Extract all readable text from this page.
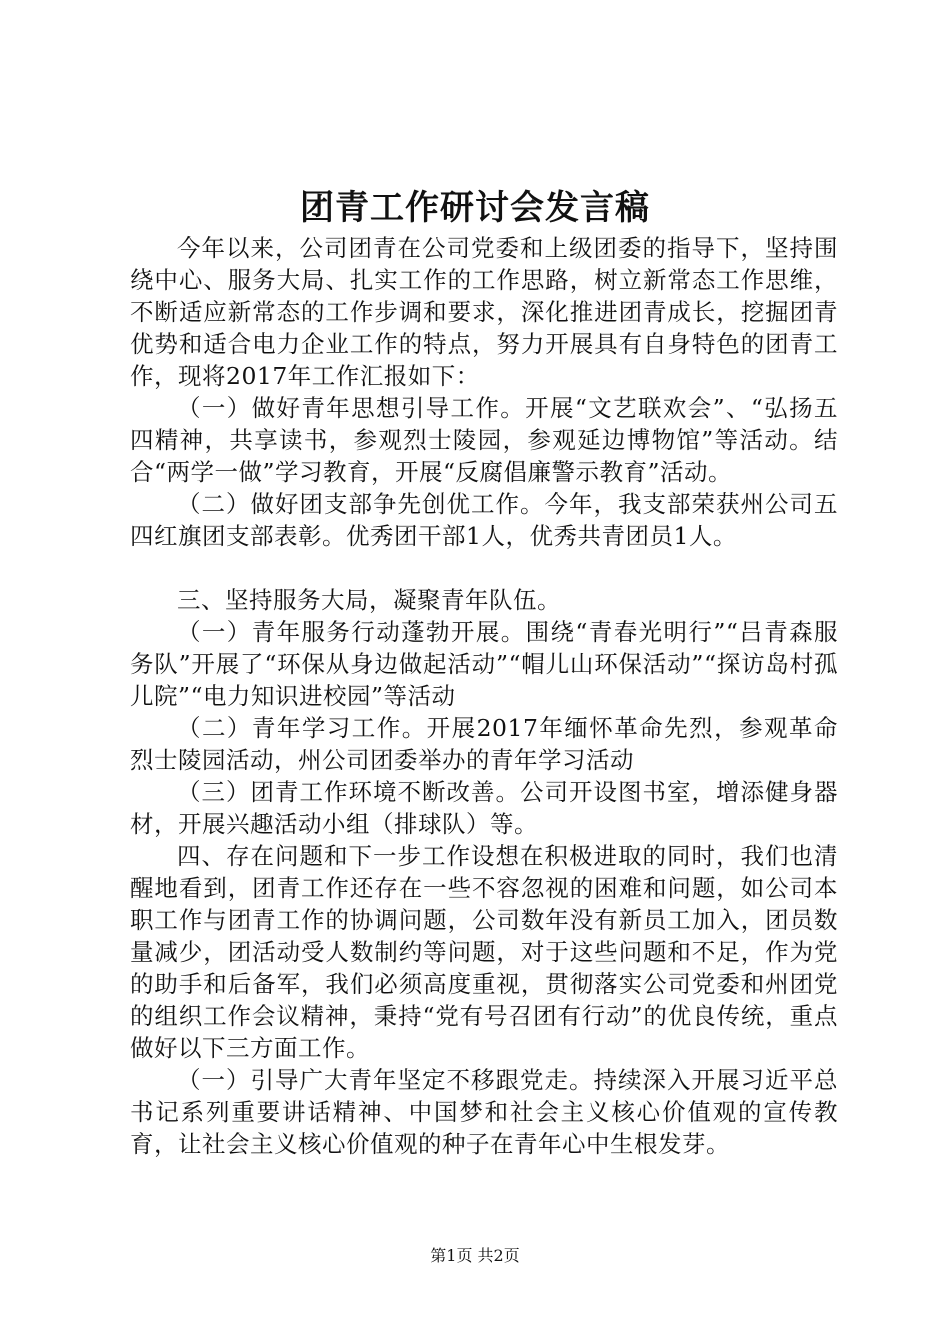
团青工作研讨会发言稿

今年以来，公司团青在公司党委和上级团委的指导下，坚持围绕中心、服务大局、扎实工作的工作思路，树立新常态工作思维，不断适应新常态的工作步调和要求，深化推进团青成长，挖掘团青优势和适合电力企业工作的特点，努力开展具有自身特色的团青工作，现将2017年工作汇报如下：

（一）做好青年思想引导工作。开展“文艺联欢会”、“弘扬五四精神，共享读书，参观烈士陵园，参观延边博物馆”等活动。结合“两学一做”学习教育，开展“反腐倡廉警示教育”活动。

（二）做好团支部争先创优工作。今年，我支部荣获州公司五四红旗团支部表彰。优秀团干部1人，优秀共青团员1人。

三、坚持服务大局，凝聚青年队伍。

（一）青年服务行动蓬勃开展。围绕“青春光明行”“吕青森服务队”开展了“环保从身边做起活动”“帽儿山环保活动”“探访岛村孤儿院”“电力知识进校园”等活动

（二）青年学习工作。开展2017年缅怀革命先烈，参观革命烈士陵园活动，州公司团委举办的青年学习活动

（三）团青工作环境不断改善。公司开设图书室，增添健身器材，开展兴趣活动小组（排球队）等。

四、存在问题和下一步工作设想在积极进取的同时，我们也清醒地看到，团青工作还存在一些不容忽视的困难和问题，如公司本职工作与团青工作的协调问题，公司数年没有新员工加入，团员数量减少，团活动受人数制约等问题，对于这些问题和不足，作为党的助手和后备军，我们必须高度重视，贯彻落实公司党委和州团党的组织工作会议精神，秉持“党有号召团有行动”的优良传统，重点做好以下三方面工作。

（一）引导广大青年坚定不移跟党走。持续深入开展习近平总书记系列重要讲话精神、中国梦和社会主义核心价值观的宣传教育，让社会主义核心价值观的种子在青年心中生根发芽。

第1页 共2页
